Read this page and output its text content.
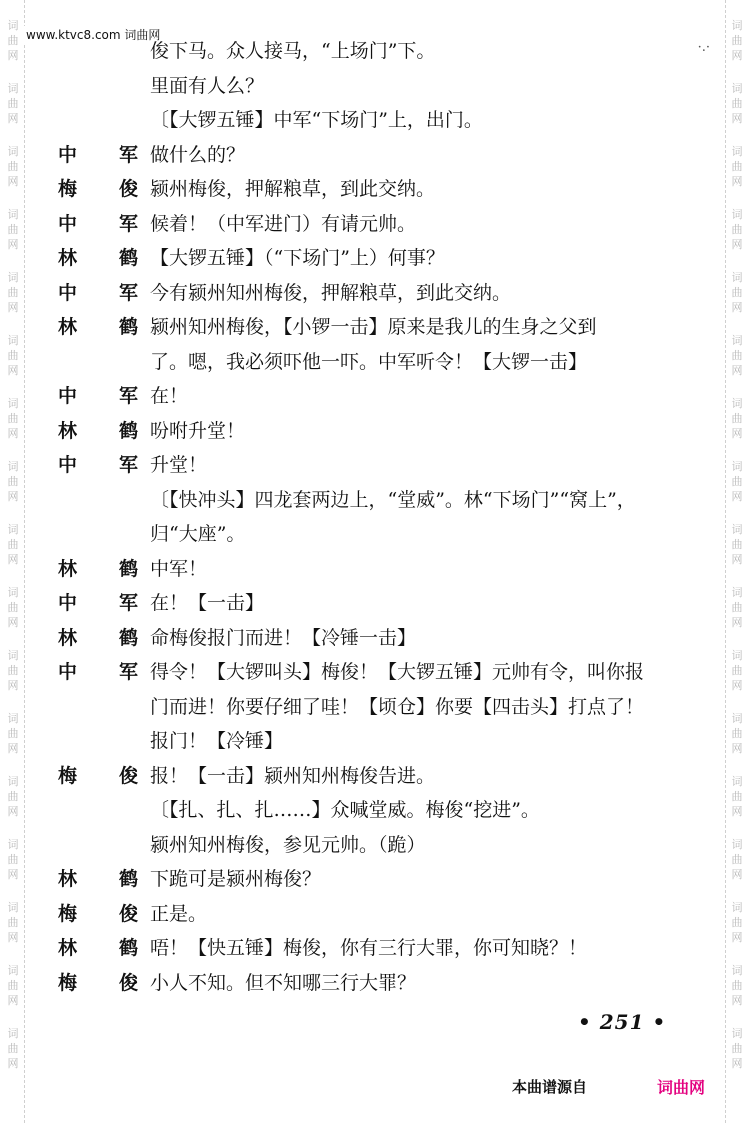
词
曲
网
词
曲
网
词
曲
网
词
曲
网
词
曲
网
词
曲
网
词
曲
网
词
曲
网
词
曲
网
词
曲
网
词
曲
网
词
曲
网
词
曲
网
词
曲
网
词
曲
网
词
曲
网
词
曲
网
词
曲
网
词
曲
网
词
曲
网
词
曲
网
词
曲
网
词
曲
网
词
曲
网
词
曲
网
词
曲
网
词
曲
网
词
曲
网
词
曲
网
词
曲
网
词
曲
网
词
曲
网
词
曲
网
词
曲
网
www.ktvc8.com 词曲网
·.·
俊下马。众人接马，“上场门”下。
里面有人么？
〔【大锣五锤】中军“下场门”上，出门。
中 军 做什么的？
梅 俊 颍州梅俊，押解粮草，到此交纳。
中 军 候着！（中军进门）有请元帅。
林 鹤 【大锣五锤】（“下场门”上）何事？
中 军 今有颍州知州梅俊，押解粮草，到此交纳。
林 鹤 颍州知州梅俊，【小锣一击】原来是我儿的生身之父到
了。嗯，我必须吓他一吓。中军听令！【大锣一击】
中 军 在！
林 鹤 吩咐升堂！
中 军 升堂！
〔【快冲头】四龙套两边上，“堂威”。林“下场门”“窝上”，
归“大座”。
林 鹤 中军！
中 军 在！【一击】
林 鹤 命梅俊报门而进！【冷锤一击】
中 军 得令！【大锣叫头】梅俊！【大锣五锤】元帅有令，叫你报
门而进！你要仔细了哇！【顷仓】你要【四击头】打点了！
报门！【冷锤】
梅 俊 报！【一击】颍州知州梅俊告进。
〔【扎、扎、扎……】众喊堂威。梅俊“挖进”。
颍州知州梅俊，参见元帅。（跪）
林 鹤 下跪可是颍州梅俊？
梅 俊 正是。
林 鹤 唔！【快五锤】梅俊，你有三行大罪，你可知晓？！
梅 俊 小人不知。但不知哪三行大罪？
• 251 •
本曲谱源自	词曲网
